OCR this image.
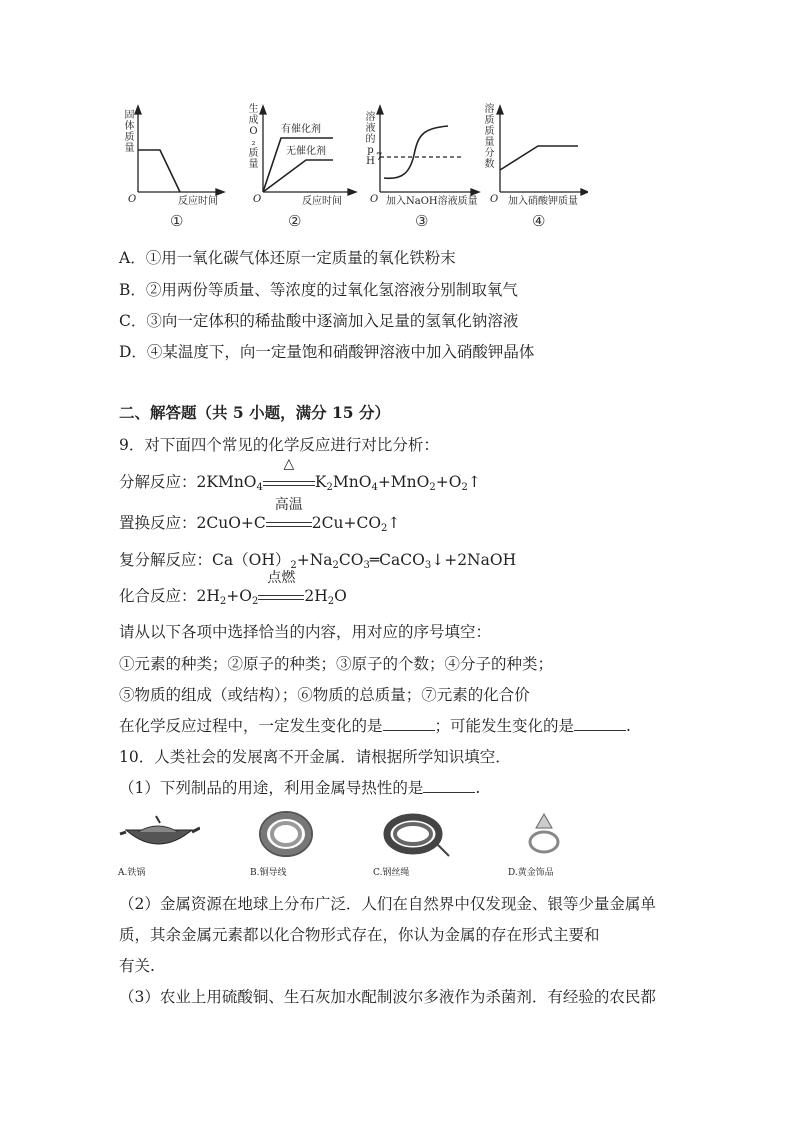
固体质量
O	反应时间
①
生成O₂质量
有催化剂
无催化剂
O	反应时间
②
溶液的pH 7
O 加入NaOH溶液质量
③
溶质质量分数
O 加入硝酸钾质量
④
A．①用一氧化碳气体还原一定质量的氧化铁粉末
B．②用两份等质量、等浓度的过氧化氢溶液分别制取氧气
C．③向一定体积的稀盐酸中逐滴加入足量的氢氧化钠溶液
D．④某温度下，向一定量饱和硝酸钾溶液中加入硝酸钾晶体
二、解答题（共 5 小题，满分 15 分）
9．对下面四个常见的化学反应进行对比分析：
分解反应：2KMnO$_4$
△
$K_2MnO_4+MnO_2+O_2↑$
置换反应：2CuO+C
高温
$2Cu+CO_2↑$
复分解反应：$Ca(OH)_2+Na_2CO_3═CaCO_3↓+2NaOH$
化合反应：$2H_2+O_2$
点燃
$2H_2O$
请从以下各项中选择恰当的内容，用对应的序号填空：
①元素的种类；②原子的种类；③原子的个数；④分子的种类；
⑤物质的组成（或结构）；⑥物质的总质量；⑦元素的化合价
在化学反应过程中，一定发生变化的是	；可能发生变化的是	.
10．人类社会的发展离不开金属．请根据所学知识填空．
（1）下列制品的用途，利用金属导热性的是	.
A.铁锅	B.铜导线	C.钢丝绳	D.黄金饰品
（2）金属资源在地球上分布广泛．人们在自然界中仅发现金、银等少量金属单
质，其余金属元素都以化合物形式存在，你认为金属的存在形式主要和
有关.
（3）农业上用硫酸铜、生石灰加水配制波尔多液作为杀菌剂．有经验的农民都
